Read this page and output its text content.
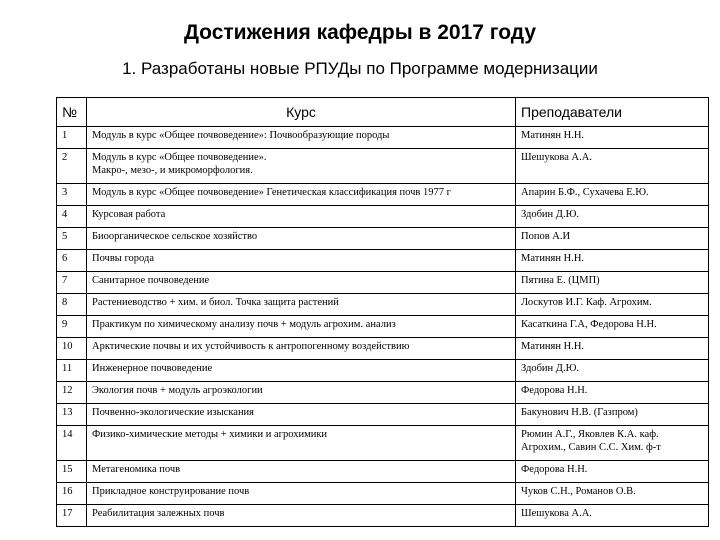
Достижения кафедры в 2017 году
1. Разработаны новые РПУДы по Программе модернизации
№	Курс	Преподаватели
1	Модуль в курс «Общее почвоведение»: Почвообразующие породы	Матинян Н.Н.

2	Модуль в курс «Общее почвоведение».
Макро-, мезо-, и микроморфология.	Шешукова А.А.

3	Модуль в курс «Общее почвоведение» Генетическая классификация почв 1977 г	Апарин Б.Ф., Сухачева Е.Ю.

4	Курсовая работа	Здобин Д.Ю.

5	Биоорганическое сельское хозяйство	Попов А.И

6	Почвы города	Матинян Н.Н.

7	Санитарное почвоведение	Пятина Е. (ЦМП)

8	Растениеводство + хим. и биол. Точка защита растений	Лоскутов И.Г. Каф. Агрохим.

9	Практикум по химическому анализу почв + модуль агрохим. анализ	Касаткина Г.А, Федорова Н.Н.

10	Арктические почвы и их устойчивость к антропогенному воздействию	Матинян Н.Н.

11	Инженерное почвоведение	Здобин Д.Ю.

12	Экология почв + модуль агроэкологии	Федорова Н.Н.

13	Почвенно-экологические изыскания	Бакунович Н.В. (Газпром)

14	Физико-химические методы + химики и агрохимики	Рюмин А.Г., Яковлев К.А. каф.
Агрохим., Савин С.С. Хим. ф-т

15	Метагеномика почв	Федорова Н.Н.

16	Прикладное конструирование почв	Чуков С.Н., Романов О.В.

17	Реабилитация залежных почв	Шешукова А.А.
